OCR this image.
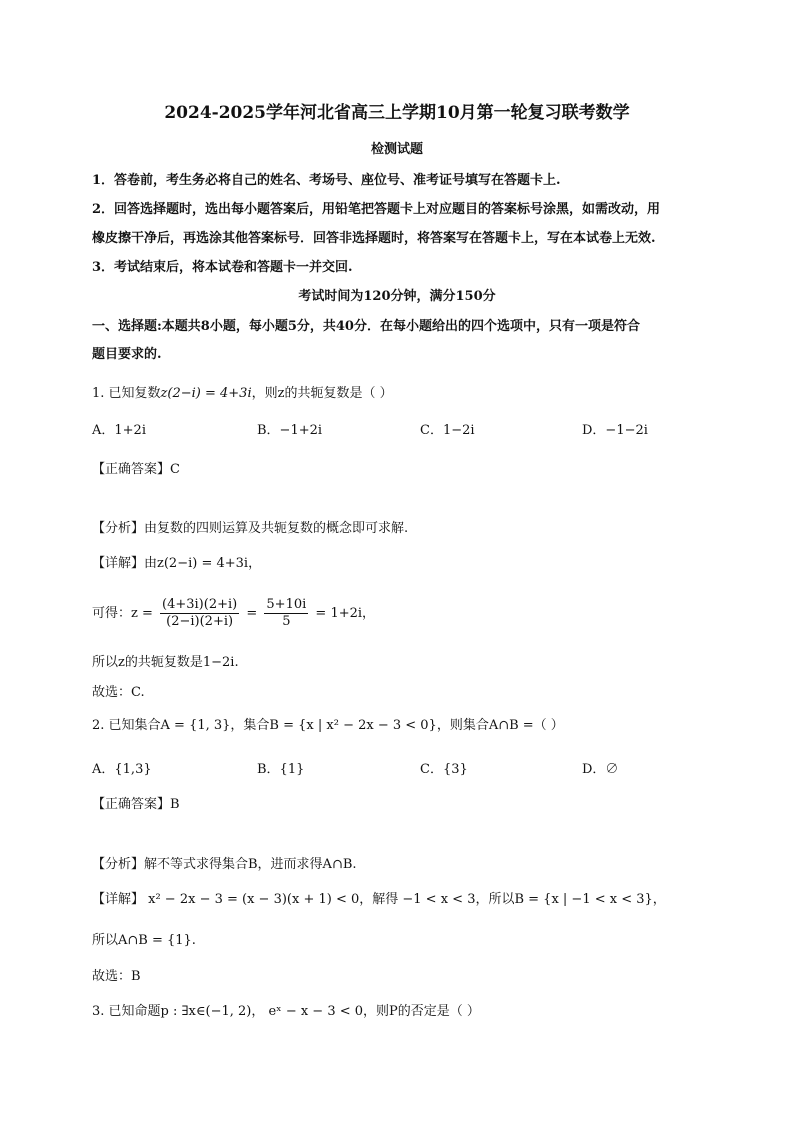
2024-2025学年河北省高三上学期10月第一轮复习联考数学
检测试题
1．答卷前，考生务必将自己的姓名、考场号、座位号、准考证号填写在答题卡上.
2．回答选择题时，选出每小题答案后，用铅笔把答题卡上对应题目的答案标号涂黑，如需改动，用
橡皮擦干净后，再选涂其他答案标号．回答非选择题时，将答案写在答题卡上，写在本试卷上无效.
3．考试结束后，将本试卷和答题卡一并交回.
考试时间为120分钟，满分150分
一、选择题:本题共8小题，每小题5分，共40分．在每小题给出的四个选项中，只有一项是符合
题目要求的.
1. 已知复数z(2−i) = 4+3i，则z的共轭复数是（ ）
A．1+2i	B．−1+2i	C．1−2i	D．−1−2i
【正确答案】C
【分析】由复数的四则运算及共轭复数的概念即可求解.
【详解】由z(2−i) = 4+3i，
可得：$z = \frac{(4+3i)(2+i)}{(2-i)(2+i)} = \frac{5+10i}{5} = 1+2i$，
所以z的共轭复数是1−2i.
故选：C.
2. 已知集合A = {1, 3}，集合B = {x | x² − 2x − 3 < 0}，则集合A∩B =（ ）
A．{1,3}	B．{1}	C．{3}	D．∅
【正确答案】B
【分析】解不等式求得集合B，进而求得A∩B.
【详解】 x² − 2x − 3 = (x − 3)(x + 1) < 0，解得 −1 < x < 3，所以B = {x | −1 < x < 3}，
所以A∩B = {1}.
故选：B
3. 已知命题p : ∃x∈(−1, 2)， eˣ − x − 3 < 0，则P的否定是（ ）
